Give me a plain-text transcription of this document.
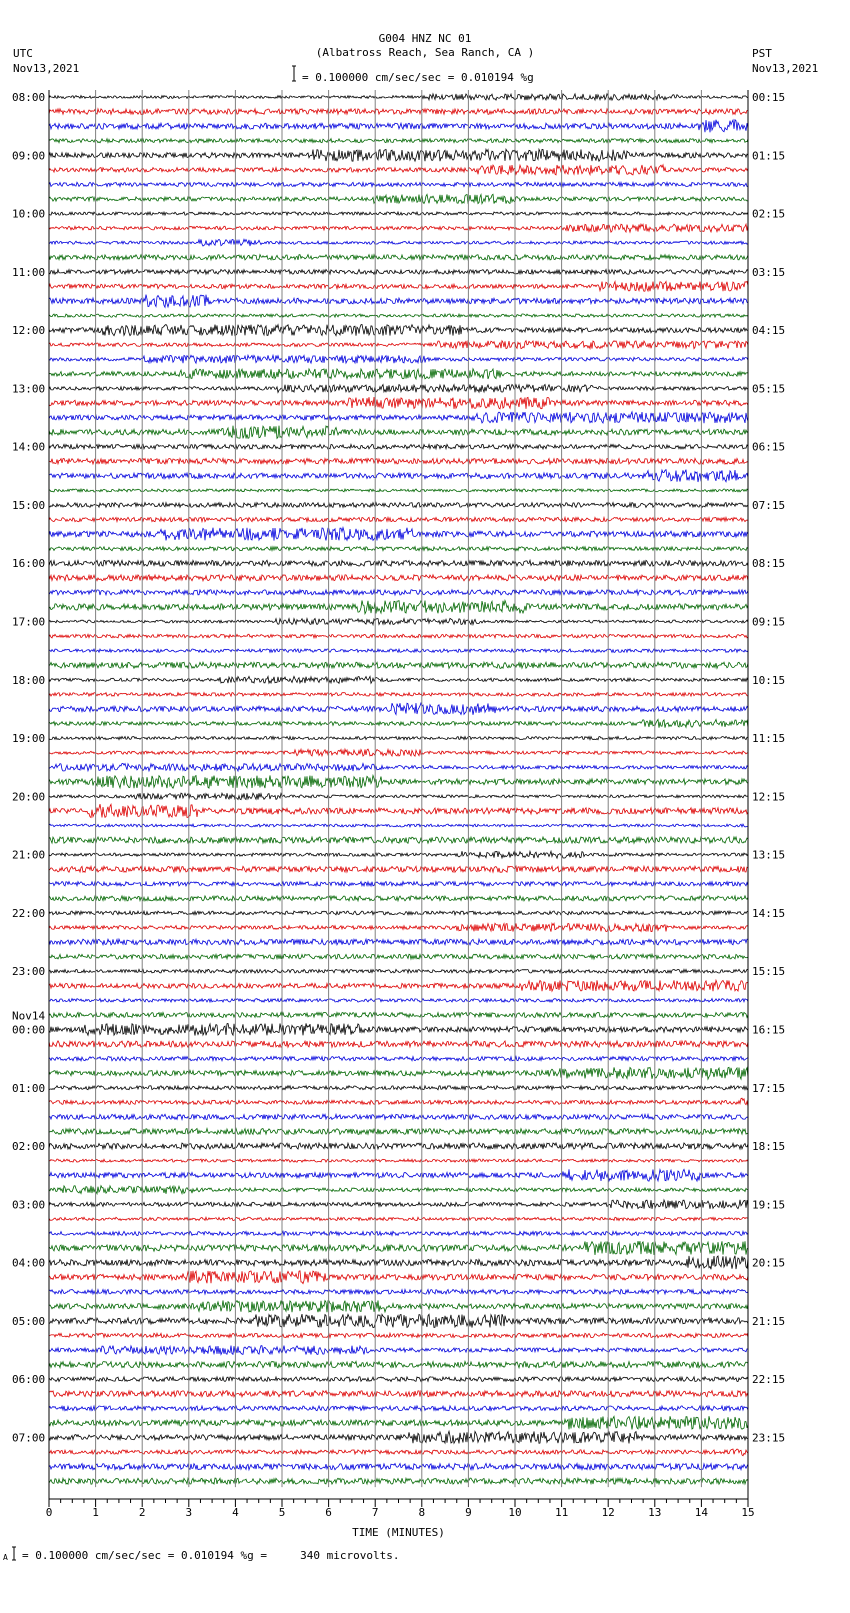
G004 HNZ NC 01
(Albatross Reach, Sea Ranch, CA )
UTC
Nov13,2021
PST
Nov13,2021
= 0.100000 cm/sec/sec = 0.010194 %g
A = 0.100000 cm/sec/sec = 0.010194 %g =     340 microvolts.
0	1	2	3	4	5	6	7	8	9	10	11	12	13	14	15
TIME (MINUTES)
08:00
09:00
10:00
11:00
12:00
13:00
14:00
15:00
16:00
17:00
18:00
19:00
20:00
21:00
22:00
23:00
00:00
01:00
02:00
03:00
04:00
05:00
06:00
07:00
Nov14
00:15
01:15
02:15
03:15
04:15
05:15
06:15
07:15
08:15
09:15
10:15
11:15
12:15
13:15
14:15
15:15
16:15
17:15
18:15
19:15
20:15
21:15
22:15
23:15
